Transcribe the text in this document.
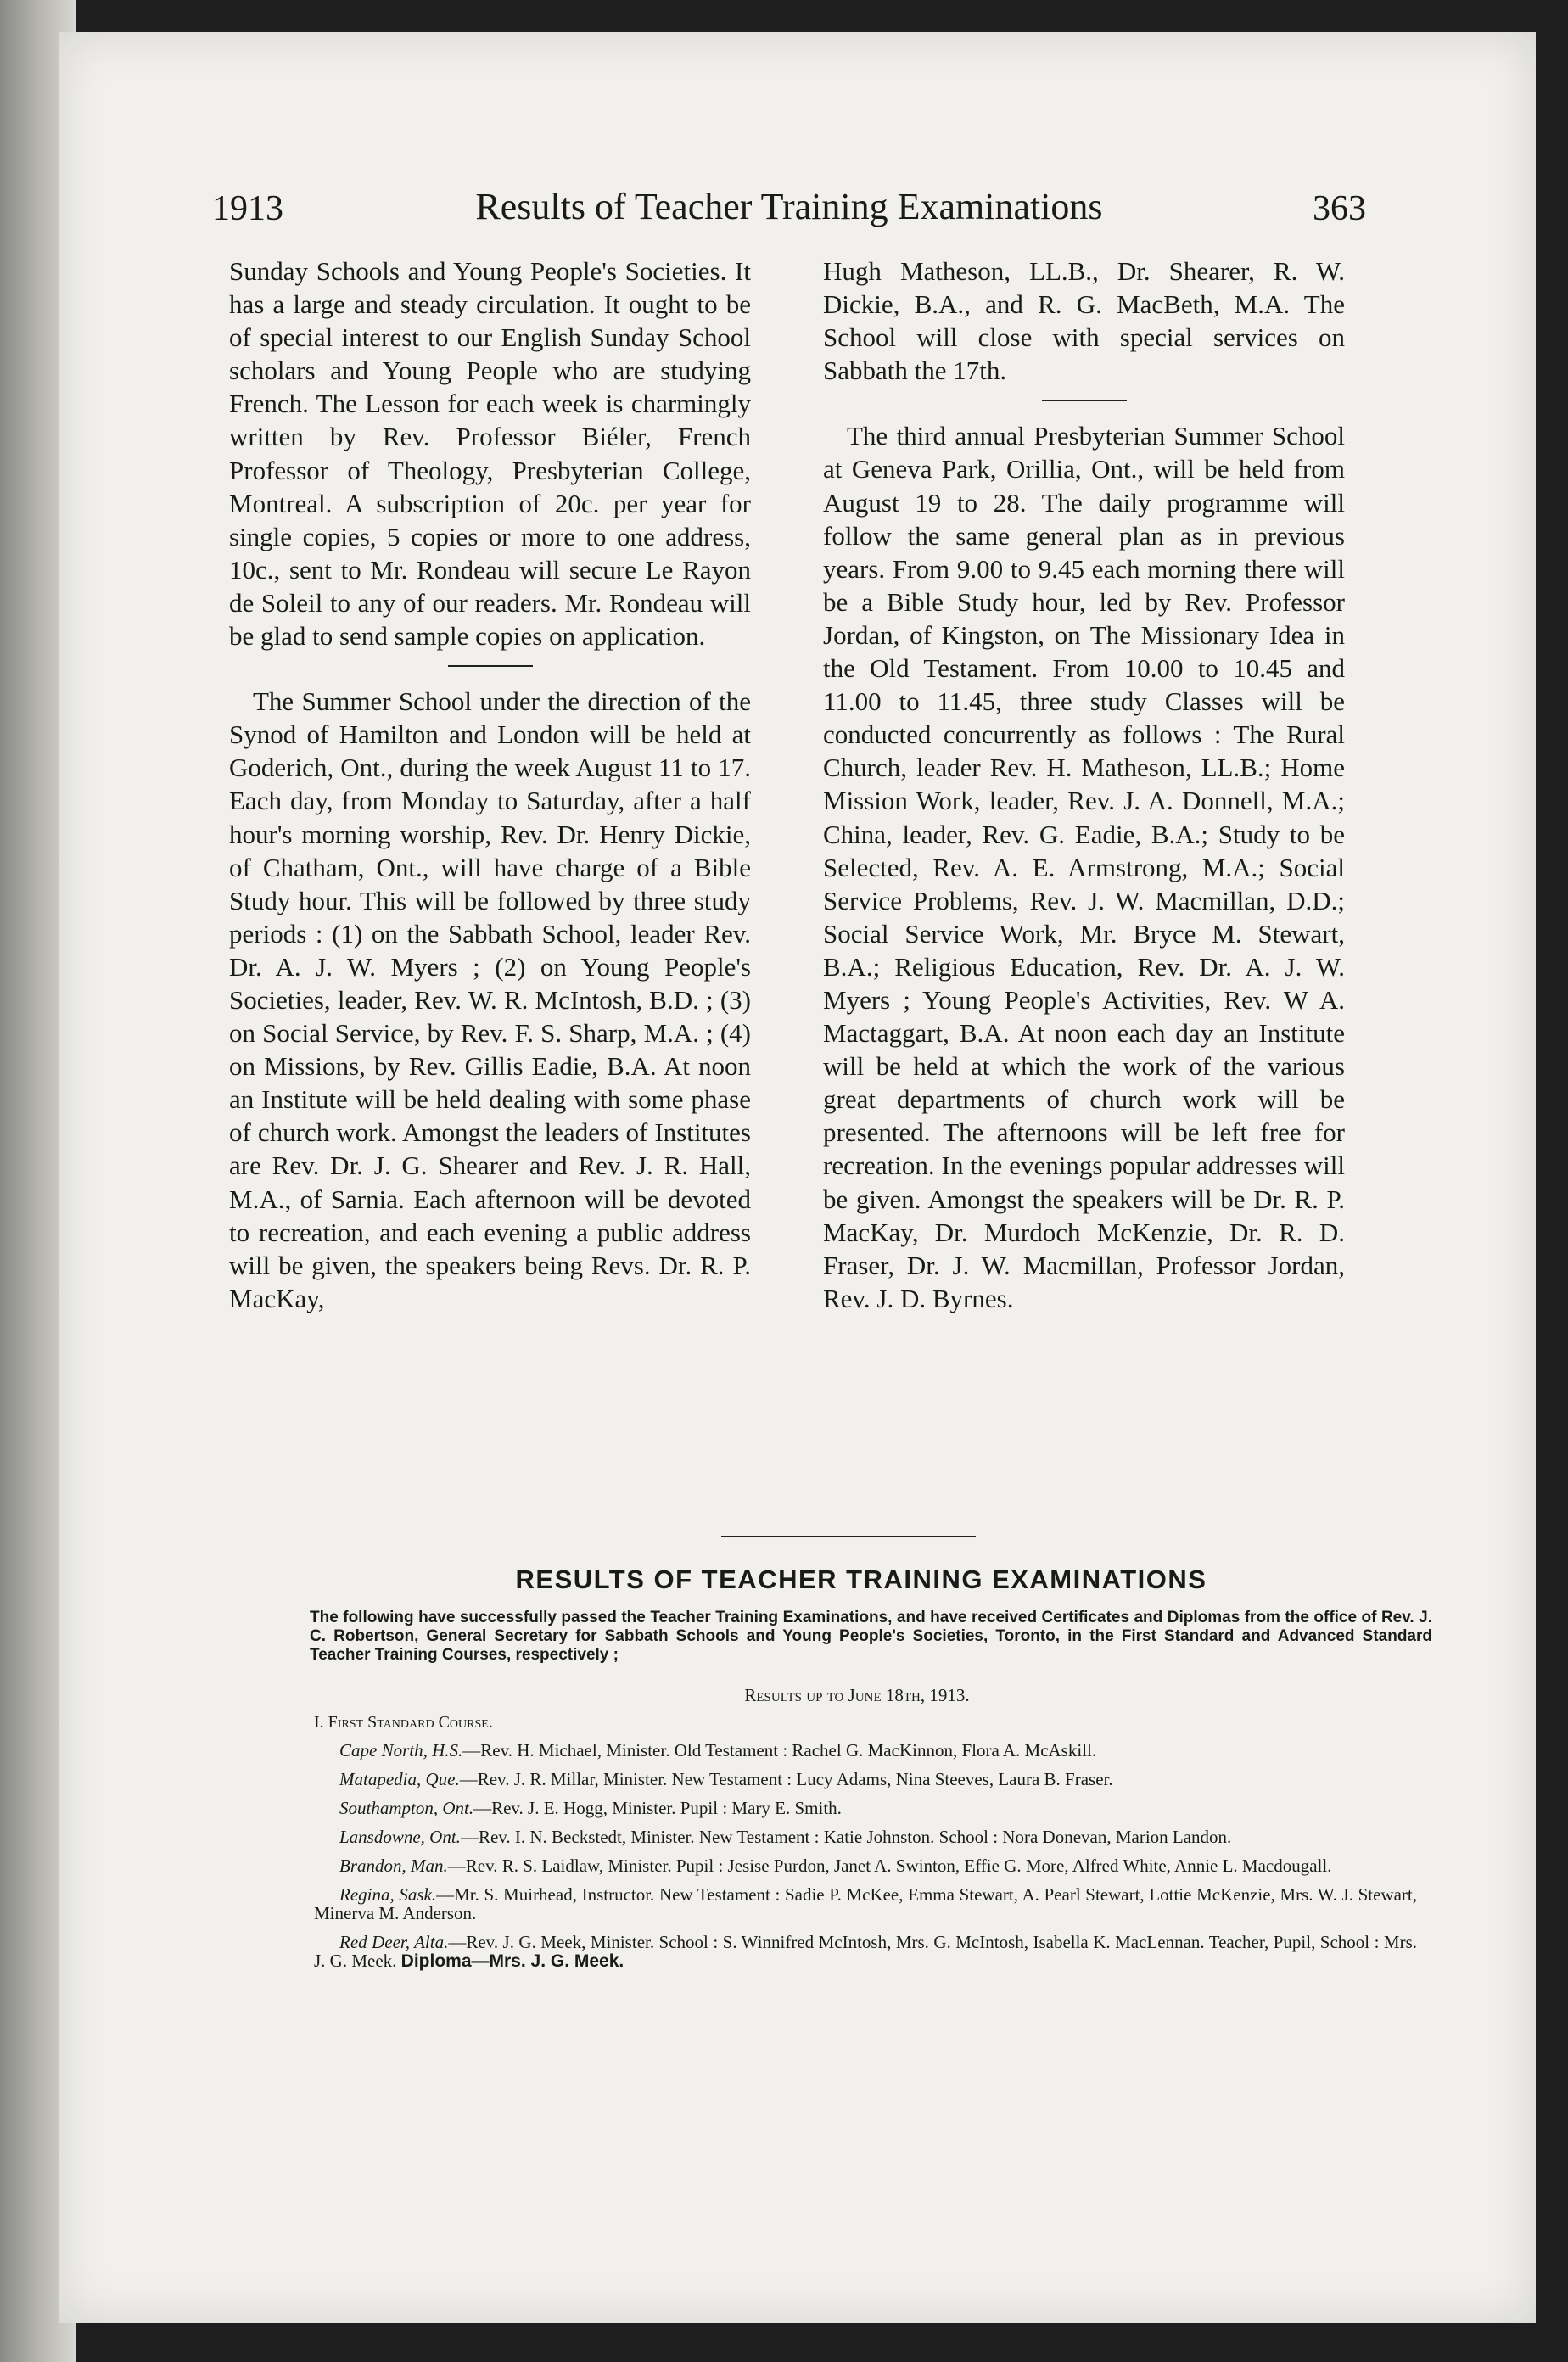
1913	Results of Teacher Training Examinations	363

Sunday Schools and Young People's Societies. It has a large and steady circulation. It ought to be of special interest to our English Sunday School scholars and Young People who are studying French. The Lesson for each week is charmingly written by Rev. Professor Biéler, French Professor of Theology, Presbyterian College, Montreal. A subscription of 20c. per year for single copies, 5 copies or more to one address, 10c., sent to Mr. Rondeau will secure Le Rayon de Soleil to any of our readers. Mr. Rondeau will be glad to send sample copies on application.

The Summer School under the direction of the Synod of Hamilton and London will be held at Goderich, Ont., during the week August 11 to 17. Each day, from Monday to Saturday, after a half hour's morning worship, Rev. Dr. Henry Dickie, of Chatham, Ont., will have charge of a Bible Study hour. This will be followed by three study periods : (1) on the Sabbath School, leader Rev. Dr. A. J. W. Myers ; (2) on Young People's Societies, leader, Rev. W. R. McIntosh, B.D. ; (3) on Social Service, by Rev. F. S. Sharp, M.A. ; (4) on Missions, by Rev. Gillis Eadie, B.A. At noon an Institute will be held dealing with some phase of church work. Amongst the leaders of Institutes are Rev. Dr. J. G. Shearer and Rev. J. R. Hall, M.A., of Sarnia. Each afternoon will be devoted to recreation, and each evening a public address will be given, the speakers being Revs. Dr. R. P. MacKay,

Hugh Matheson, LL.B., Dr. Shearer, R. W. Dickie, B.A., and R. G. MacBeth, M.A. The School will close with special services on Sabbath the 17th.

The third annual Presbyterian Summer School at Geneva Park, Orillia, Ont., will be held from August 19 to 28. The daily programme will follow the same general plan as in previous years. From 9.00 to 9.45 each morning there will be a Bible Study hour, led by Rev. Professor Jordan, of Kingston, on The Missionary Idea in the Old Testament. From 10.00 to 10.45 and 11.00 to 11.45, three study Classes will be conducted concurrently as follows : The Rural Church, leader Rev. H. Matheson, LL.B.; Home Mission Work, leader, Rev. J. A. Donnell, M.A.; China, leader, Rev. G. Eadie, B.A.; Study to be Selected, Rev. A. E. Armstrong, M.A.; Social Service Problems, Rev. J. W. Macmillan, D.D.; Social Service Work, Mr. Bryce M. Stewart, B.A.; Religious Education, Rev. Dr. A. J. W. Myers ; Young People's Activities, Rev. W A. Mactaggart, B.A. At noon each day an Institute will be held at which the work of the various great departments of church work will be presented. The afternoons will be left free for recreation. In the evenings popular addresses will be given. Amongst the speakers will be Dr. R. P. MacKay, Dr. Murdoch McKenzie, Dr. R. D. Fraser, Dr. J. W. Macmillan, Professor Jordan, Rev. J. D. Byrnes.

RESULTS OF TEACHER TRAINING EXAMINATIONS
The following have successfully passed the Teacher Training Examinations, and have received Certificates and Diplomas from the office of Rev. J. C. Robertson, General Secretary for Sabbath Schools and Young People's Societies, Toronto, in the First Standard and Advanced Standard Teacher Training Courses, respectively ;
Results up to June 18th, 1913.
I. First Standard Course.
Cape North, H.S.—Rev. H. Michael, Minister. Old Testament : Rachel G. MacKinnon, Flora A. McAskill.
Matapedia, Que.—Rev. J. R. Millar, Minister. New Testament : Lucy Adams, Nina Steeves, Laura B. Fraser.
Southampton, Ont.—Rev. J. E. Hogg, Minister. Pupil : Mary E. Smith.
Lansdowne, Ont.—Rev. I. N. Beckstedt, Minister. New Testament : Katie Johnston. School : Nora Donevan, Marion Landon.
Brandon, Man.—Rev. R. S. Laidlaw, Minister. Pupil : Jesise Purdon, Janet A. Swinton, Effie G. More, Alfred White, Annie L. Macdougall.
Regina, Sask.—Mr. S. Muirhead, Instructor. New Testament : Sadie P. McKee, Emma Stewart, A. Pearl Stewart, Lottie McKenzie, Mrs. W. J. Stewart, Minerva M. Anderson.
Red Deer, Alta.—Rev. J. G. Meek, Minister. School : S. Winnifred McIntosh, Mrs. G. McIntosh, Isabella K. MacLennan. Teacher, Pupil, School : Mrs. J. G. Meek. Diploma—Mrs. J. G. Meek.
